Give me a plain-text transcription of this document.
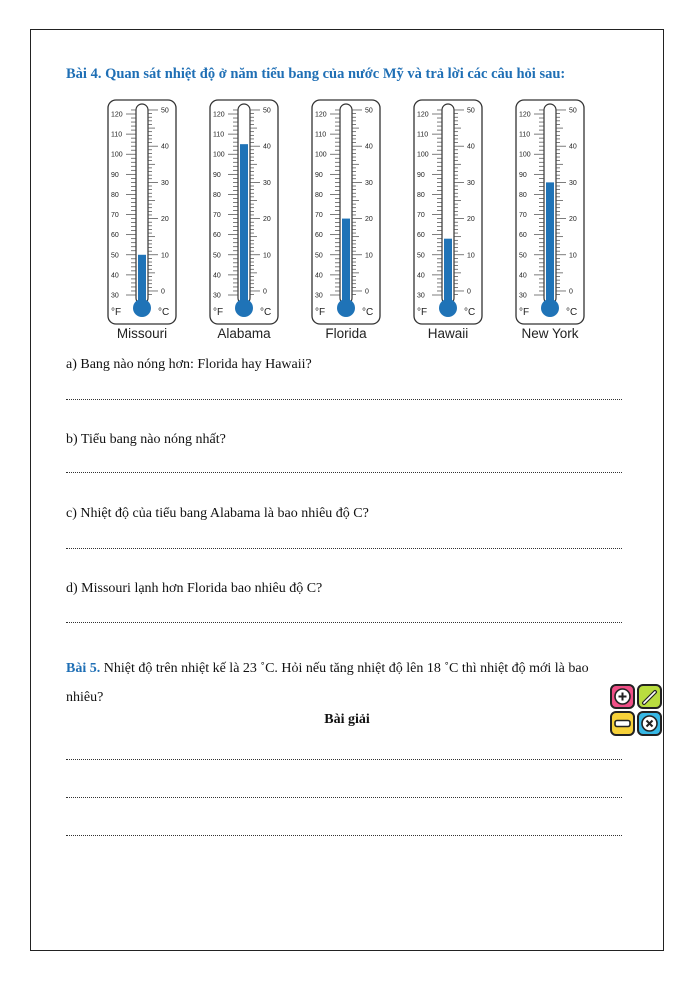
Bài 4. Quan sát nhiệt độ ở năm tiểu bang của nước Mỹ và trả lời các câu hỏi sau:
120
110
100
90
80
70
60
50
40
30
50
40
30
20
10
0
°F	°C
120
110
100
90
80
70
60
50
40
30
50
40
30
20
10
0
°F	°C
120
110
100
90
80
70
60
50
40
30
50
40
30
20
10
0
°F	°C
120
110
100
90
80
70
60
50
40
30
50
40
30
20
10
0
°F	°C
120
110
100
90
80
70
60
50
40
30
50
40
30
20
10
0
°F	°C
Missouri	Alabama	Florida	Hawaii	New York
a) Bang nào nóng hơn: Florida hay Hawaii?
b) Tiểu bang nào nóng nhất?
c) Nhiệt độ của tiểu bang Alabama là bao nhiêu độ C?
d) Missouri lạnh hơn Florida bao nhiêu độ C?
Bài 5. Nhiệt độ trên nhiệt kế là 23 ˚C. Hỏi nếu tăng nhiệt độ lên 18 ˚C thì nhiệt độ mới là bao nhiêu?
Bài giải
